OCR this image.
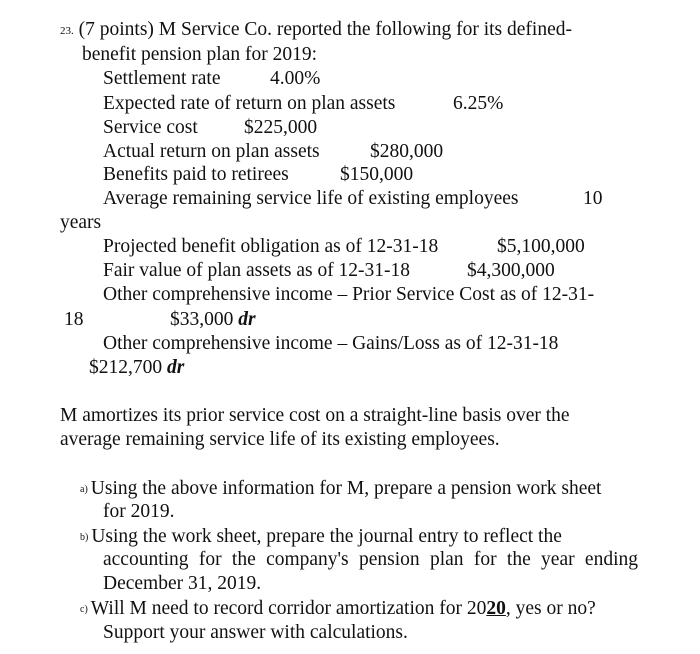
23. (7 points) M Service Co. reported the following for its defined-
benefit pension plan for 2019:
Settlement rate	4.00%
Expected rate of return on plan assets	6.25%
Service cost $225,000
Actual return on plan assets	$280,000
Benefits paid to retirees	$150,000
Average remaining service life of existing employees	10
years
Projected benefit obligation as of 12-31-18	$5,100,000
Fair value of plan assets as of 12-31-18	$4,300,000
Other comprehensive income – Prior Service Cost as of 12-31-
18	$33,000 dr
Other comprehensive income – Gains/Loss as of 12-31-18
$212,700 dr
M amortizes its prior service cost on a straight-line basis over the
average remaining service life of its existing employees.
a) Using the above information for M, prepare a pension work sheet
for 2019.
b) Using the work sheet, prepare the journal entry to reflect the
accounting for the company's pension plan for the year ending
December 31, 2019.
c) Will M need to record corridor amortization for 2020, yes or no?
Support your answer with calculations.
